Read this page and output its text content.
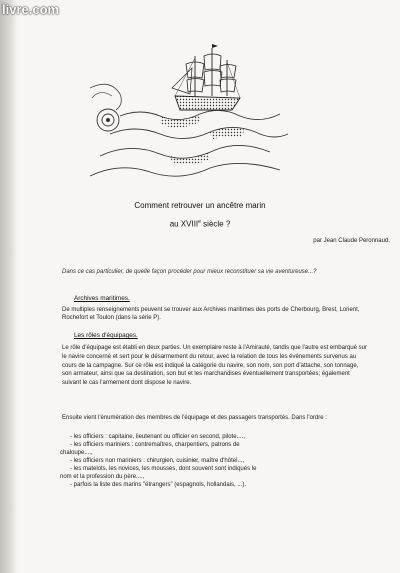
livre.com
Comment retrouver un ancêtre marin
au XVIIIe siècle ?
par Jean Claude Peronnaud.
Dans ce cas particulier, de quelle façon procéder pour mieux reconstituer sa vie aventureuse...?
Archives maritimes.
De multiples renseignements peuvent se trouver aux Archives maritimes des ports de Cherbourg, Brest, Lorient, Rochefort et Toulon (dans la série P).
Les rôles d'équipages.
Le rôle d'équipage est établi en deux parties. Un exemplaire reste à l'Amirauté, tandis que l'autre est embarqué sur le navire concerné et sert pour le désarmement du retour, avec la relation de tous les événements survenus au cours de la campagne. Sur ce rôle est indiqué la catégorie du navire, son nom, son port d'attache, son tonnage, son armateur, ainsi que sa destination, son but et les marchandises éventuellement transportées; également suivant le cas l'armement dont dispose le navire.
Ensuite vient l'énumération des membres de l'équipage et des passagers transportés. Dans l'ordre :
- les officiers : capitaine, lieutenant ou officier en second, pilote....,
- les officiers mariniers : contremaîtres, charpentiers, patrons de
chaloupe....,
- les officiers non mariniers : chirurgien, cuisinier, maître d'hôtel...,
- les matelots, les novices, les mousses, dont souvent sont indiqués le
nom et la profession du père....,
- parfois la liste des marins "étrangers" (espagnols, hollandais, ...).
